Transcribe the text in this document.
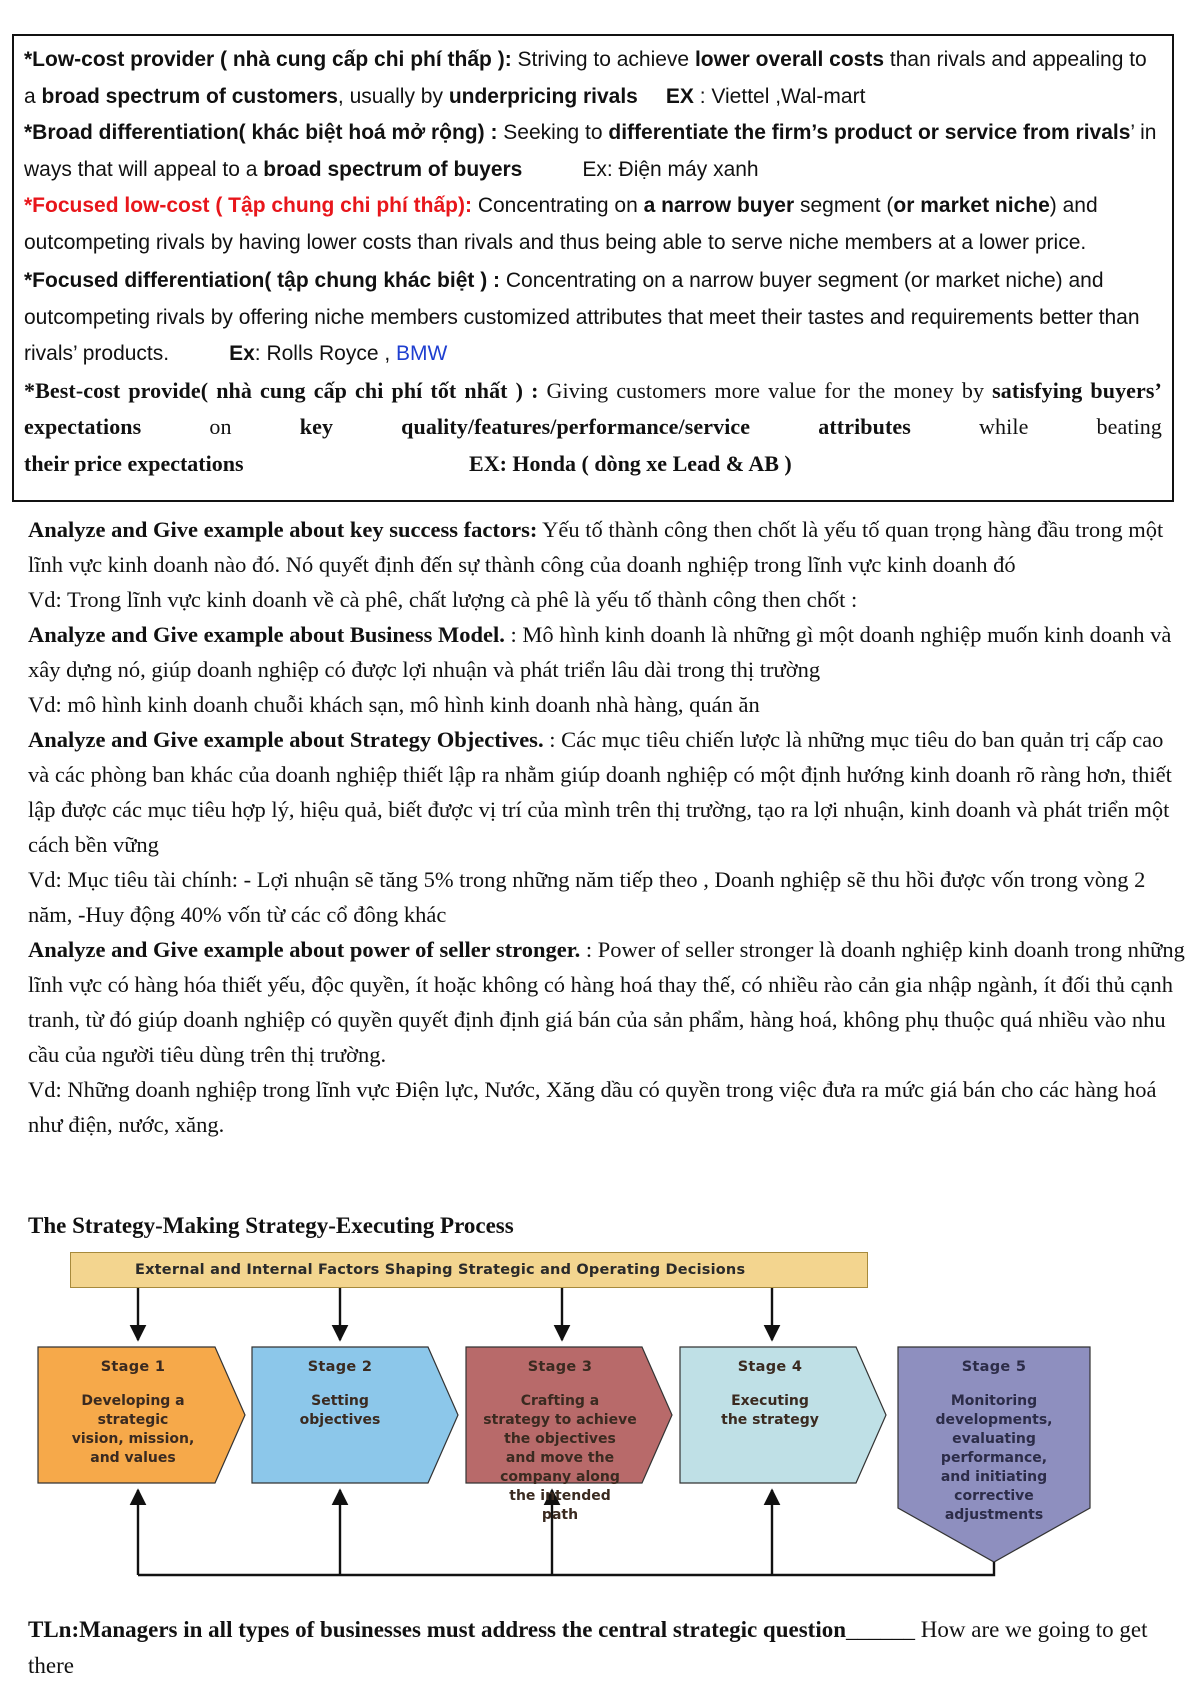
*Low-cost provider ( nhà cung cấp chi phí thấp ): Striving to achieve lower overall costs than rivals and appealing to a broad spectrum of customers, usually by underpricing rivals EX : Viettel ,Wal-mart

*Broad differentiation( khác biệt hoá mở rộng) : Seeking to differentiate the firm’s product or service from rivals’ in ways that will appeal to a broad spectrum of buyers	Ex: Điện máy xanh

*Focused low-cost ( Tập chung chi phí thấp): Concentrating on a narrow buyer segment (or market niche) and outcompeting rivals by having lower costs than rivals and thus being able to serve niche members at a lower price.

*Focused differentiation( tập chung khác biệt ) : Concentrating on a narrow buyer segment (or market niche) and outcompeting rivals by offering niche members customized attributes that meet their tastes and requirements better than rivals’ products.	Ex: Rolls Royce , BMW

*Best-cost provide( nhà cung cấp chi phí tốt nhất ) : Giving customers more value for the money by satisfying buyers’ expectations on key quality/features/performance/service attributes while beating

their price expectations                                         EX: Honda ( dòng xe Lead & AB )

Analyze and Give example about key success factors: Yếu tố thành công then chốt là yếu tố quan trọng hàng đầu trong một lĩnh vực kinh doanh nào đó. Nó quyết định đến sự thành công của doanh nghiệp trong lĩnh vực kinh doanh đó

Vd: Trong lĩnh vực kinh doanh về cà phê, chất lượng cà phê là yếu tố thành công then chốt :

Analyze and Give example about Business Model. : Mô hình kinh doanh là những gì một doanh nghiệp muốn kinh doanh và xây dựng nó, giúp doanh nghiệp có được lợi nhuận và phát triển lâu dài trong thị trường

Vd: mô hình kinh doanh chuỗi khách sạn, mô hình kinh doanh nhà hàng, quán ăn

Analyze and Give example about Strategy Objectives. : Các mục tiêu chiến lược là những mục tiêu do ban quản trị cấp cao và các phòng ban khác của doanh nghiệp thiết lập ra nhằm giúp doanh nghiệp có một định hướng kinh doanh rõ ràng hơn, thiết lập được các mục tiêu hợp lý, hiệu quả, biết được vị trí của mình trên thị trường, tạo ra lợi nhuận, kinh doanh và phát triển một cách bền vững

Vd: Mục tiêu tài chính: - Lợi nhuận sẽ tăng 5% trong những năm tiếp theo , Doanh nghiệp sẽ thu hồi được vốn trong vòng 2 năm, -Huy động 40% vốn từ các cổ đông khác

Analyze and Give example about power of seller stronger. : Power of seller stronger là doanh nghiệp kinh doanh trong những lĩnh vực có hàng hóa thiết yếu, độc quyền, ít hoặc không có hàng hoá thay thế, có nhiều rào cản gia nhập ngành, ít đối thủ cạnh tranh, từ đó giúp doanh nghiệp có quyền quyết định định giá bán của sản phẩm, hàng hoá, không phụ thuộc quá nhiều vào nhu cầu của người tiêu dùng trên thị trường.

Vd: Những doanh nghiệp trong lĩnh vực Điện lực, Nước, Xăng dầu có quyền trong việc đưa ra mức giá bán cho các hàng hoá như điện, nước, xăng.

The Strategy-Making Strategy-Executing Process
External and Internal Factors Shaping Strategic and Operating Decisions
Stage 1
Developing a
strategic
vision, mission,
and values
Stage 2
Setting
objectives
Stage 3
Crafting a
strategy to achieve
the objectives
and move the
company along
the intended
path
Stage 4
Executing
the strategy
Stage 5
Monitoring
developments,
evaluating
performance,
and initiating
corrective
adjustments
TLn:Managers in all types of businesses must address the central strategic question______ How are we going to get there
